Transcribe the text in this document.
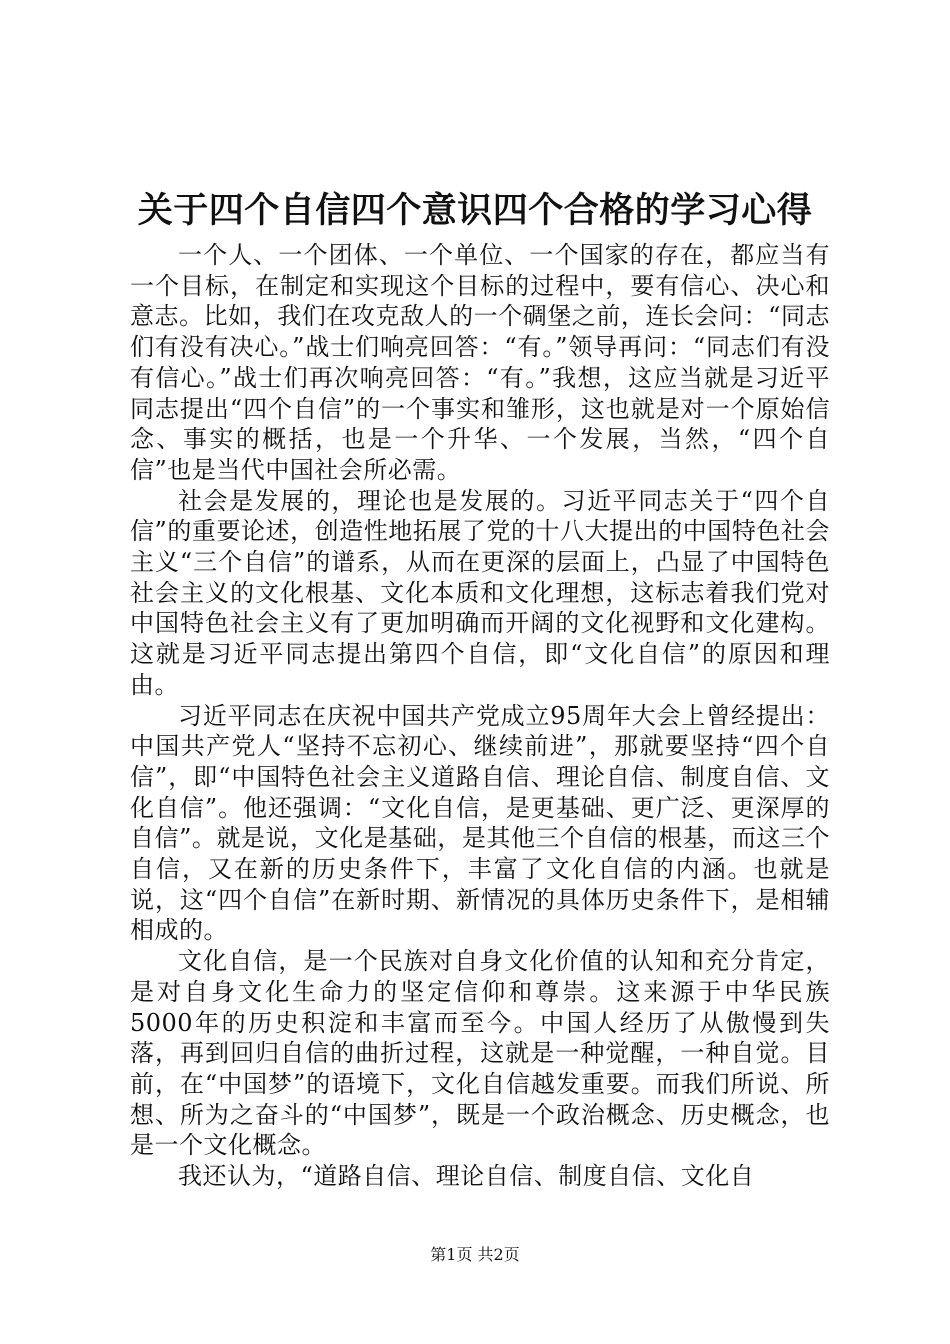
关于四个自信四个意识四个合格的学习心得

一个人、一个团体、一个单位、一个国家的存在，都应当有一个目标，在制定和实现这个目标的过程中，要有信心、决心和意志。比如，我们在攻克敌人的一个碉堡之前，连长会问：“同志们有没有决心。”战士们响亮回答：“有。”领导再问：“同志们有没有信心。”战士们再次响亮回答：“有。”我想，这应当就是习近平同志提出“四个自信”的一个事实和雏形，这也就是对一个原始信念、事实的概括，也是一个升华、一个发展，当然，“四个自信”也是当代中国社会所必需。

社会是发展的，理论也是发展的。习近平同志关于“四个自信”的重要论述，创造性地拓展了党的十八大提出的中国特色社会主义“三个自信”的谱系，从而在更深的层面上，凸显了中国特色社会主义的文化根基、文化本质和文化理想，这标志着我们党对中国特色社会主义有了更加明确而开阔的文化视野和文化建构。这就是习近平同志提出第四个自信，即“文化自信”的原因和理由。

习近平同志在庆祝中国共产党成立95周年大会上曾经提出：中国共产党人“坚持不忘初心、继续前进”，那就要坚持“四个自信”，即“中国特色社会主义道路自信、理论自信、制度自信、文化自信”。他还强调：“文化自信，是更基础、更广泛、更深厚的自信”。就是说，文化是基础，是其他三个自信的根基，而这三个自信，又在新的历史条件下，丰富了文化自信的内涵。也就是说，这“四个自信”在新时期、新情况的具体历史条件下，是相辅相成的。

文化自信，是一个民族对自身文化价值的认知和充分肯定，是对自身文化生命力的坚定信仰和尊崇。这来源于中华民族5000年的历史积淀和丰富而至今。中国人经历了从傲慢到失落，再到回归自信的曲折过程，这就是一种觉醒，一种自觉。目前，在“中国梦”的语境下，文化自信越发重要。而我们所说、所想、所为之奋斗的“中国梦”，既是一个政治概念、历史概念，也是一个文化概念。

我还认为，“道路自信、理论自信、制度自信、文化自

第1页 共2页
